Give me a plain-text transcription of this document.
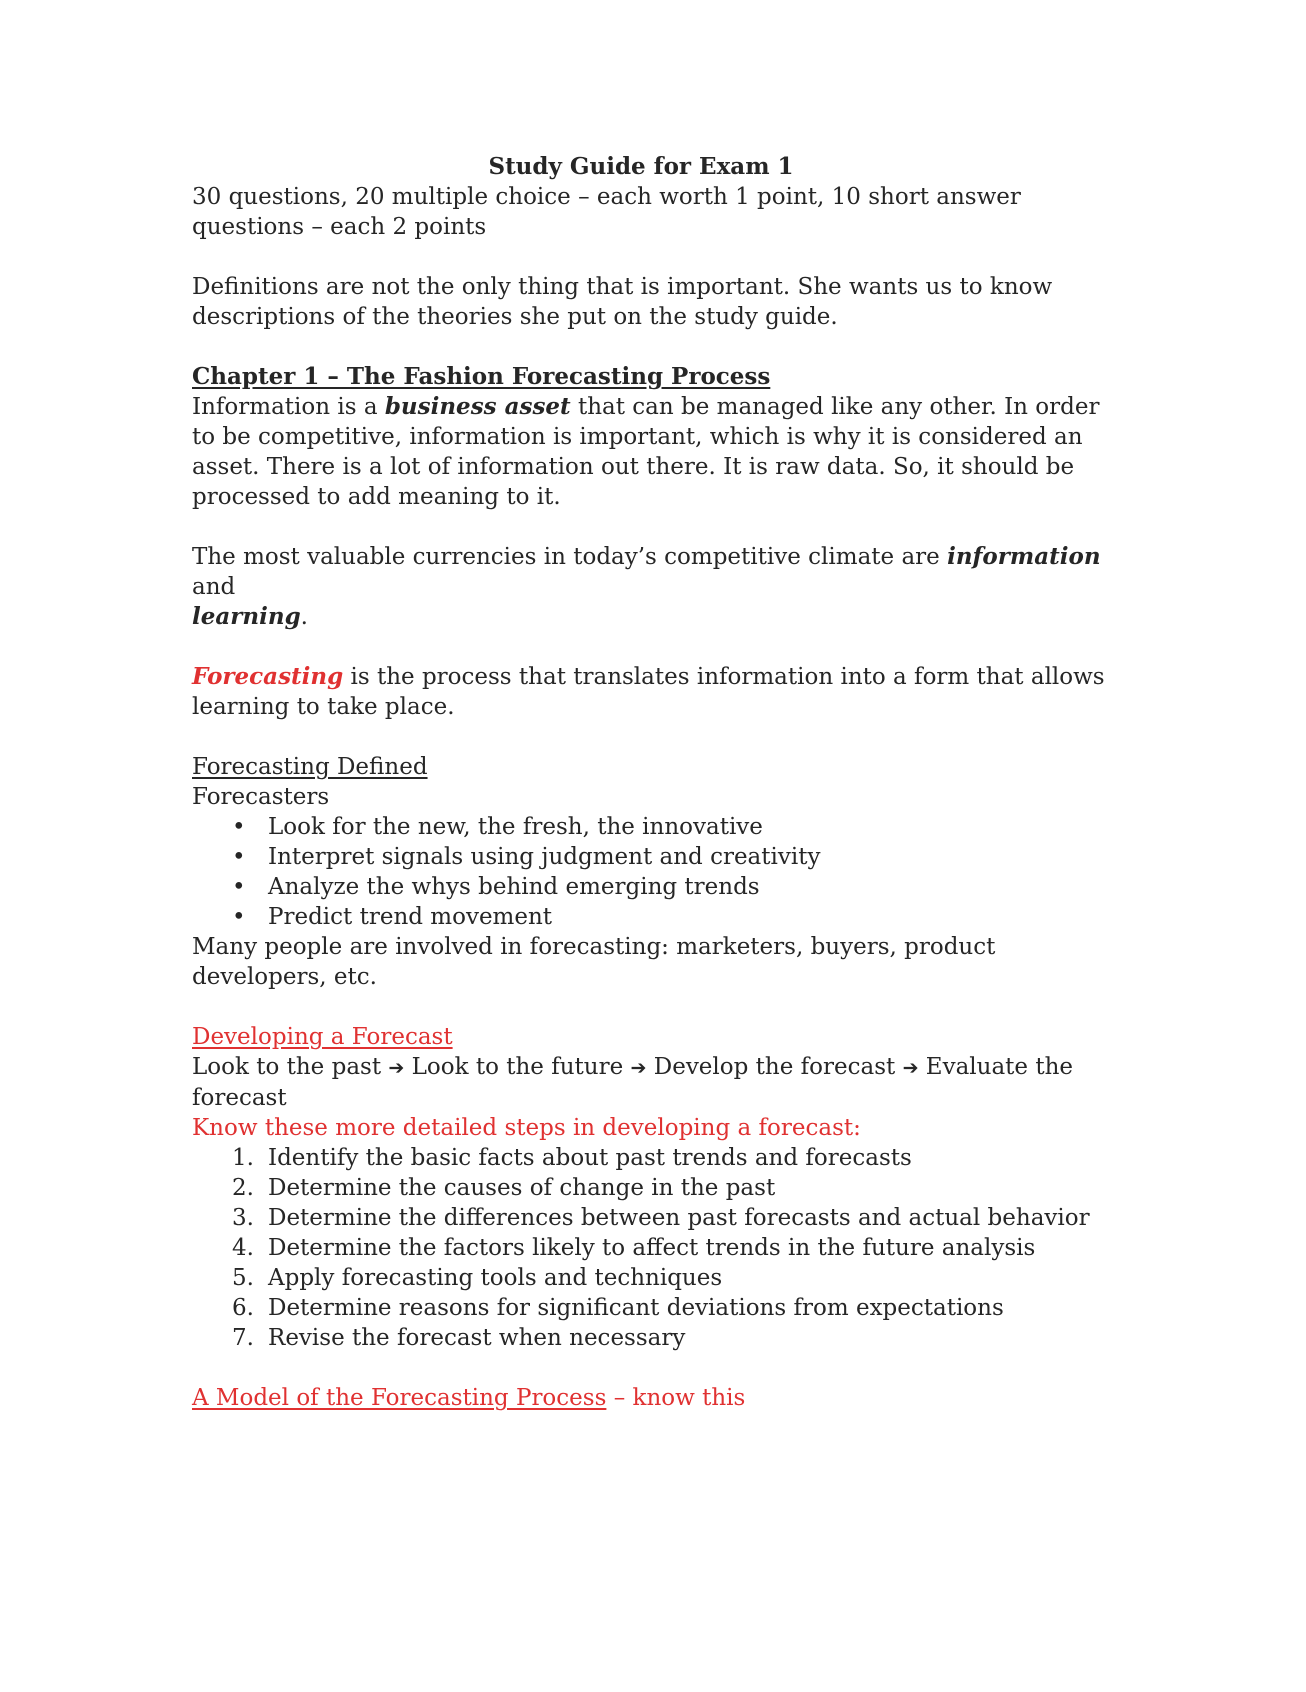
Study Guide for Exam 1

30 questions, 20 multiple choice – each worth 1 point, 10 short answer questions – each 2 points

Definitions are not the only thing that is important. She wants us to know descriptions of the theories she put on the study guide.

Chapter 1 – The Fashion Forecasting Process

Information is a business asset that can be managed like any other. In order to be competitive, information is important, which is why it is considered an asset. There is a lot of information out there. It is raw data. So, it should be processed to add meaning to it.

The most valuable currencies in today’s competitive climate are information and
learning.

Forecasting is the process that translates information into a form that allows learning to take place.

Forecasting Defined

Forecasters

• Look for the new, the fresh, the innovative
• Interpret signals using judgment and creativity
• Analyze the whys behind emerging trends
• Predict trend movement

Many people are involved in forecasting: marketers, buyers, product developers, etc.

Developing a Forecast

Look to the past ➔ Look to the future ➔ Develop the forecast ➔ Evaluate the forecast

Know these more detailed steps in developing a forecast:

1. Identify the basic facts about past trends and forecasts
2. Determine the causes of change in the past
3. Determine the differences between past forecasts and actual behavior
4. Determine the factors likely to affect trends in the future analysis
5. Apply forecasting tools and techniques
6. Determine reasons for significant deviations from expectations
7. Revise the forecast when necessary

A Model of the Forecasting Process – know this
